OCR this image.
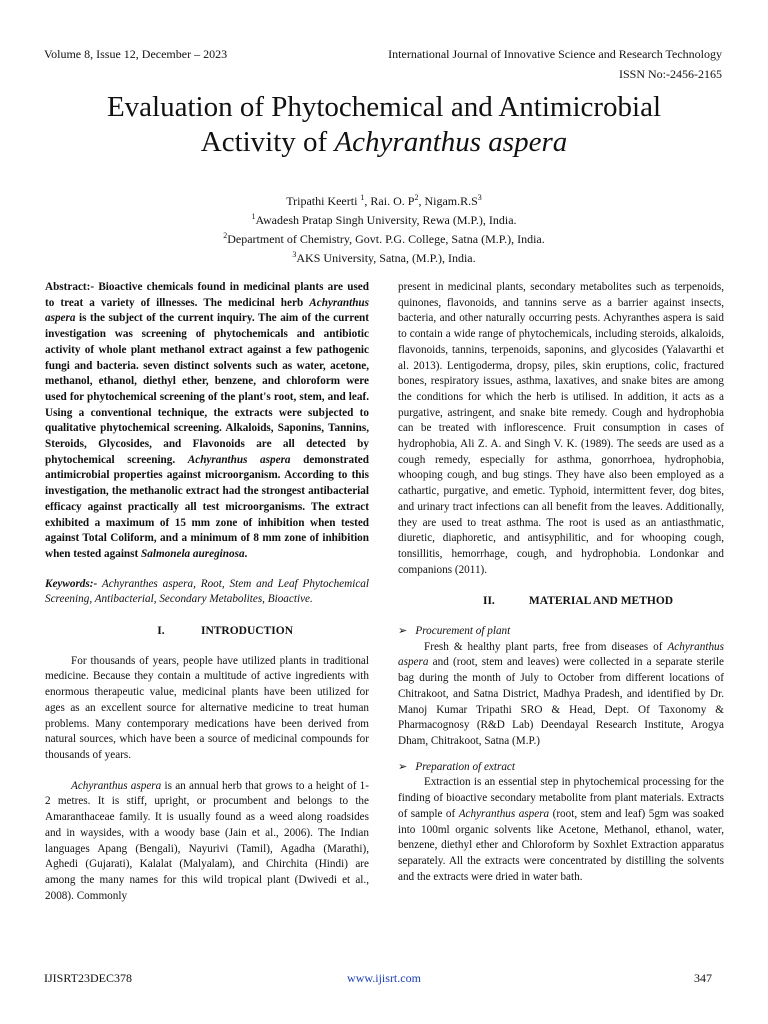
Volume 8, Issue 12, December – 2023	International Journal of Innovative Science and Research Technology
ISSN No:-2456-2165
Evaluation of Phytochemical and Antimicrobial
Activity of Achyranthus aspera
Tripathi Keerti $^1$, Rai. O. $P^2$, $Nigam.R.S^3$
$^1$Awadesh Pratap Singh University, Rewa (M.P.), India.
$^2$Department of Chemistry, Govt. P.G. College, Satna (M.P.), India.
$^3$AKS University, Satna, (M.P.), India.

Abstract:- Bioactive chemicals found in medicinal plants are used to treat a variety of illnesses. The medicinal herb Achyranthus aspera is the subject of the current inquiry. The aim of the current investigation was screening of phytochemicals and antibiotic activity of whole plant methanol extract against a few pathogenic fungi and bacteria. seven distinct solvents such as water, acetone, methanol, ethanol, diethyl ether, benzene, and chloroform were used for phytochemical screening of the plant's root, stem, and leaf. Using a conventional technique, the extracts were subjected to qualitative phytochemical screening. Alkaloids, Saponins, Tannins, Steroids, Glycosides, and Flavonoids are all detected by phytochemical screening. Achyranthus aspera demonstrated antimicrobial properties against microorganism. According to this investigation, the methanolic extract had the strongest antibacterial efficacy against practically all test microorganisms. The extract exhibited a maximum of 15 mm zone of inhibition when tested against Total Coliform, and a minimum of 8 mm zone of inhibition when tested against Salmonela aureginosa.

Keywords:- Achyranthes aspera, Root, Stem and Leaf Phytochemical Screening, Antibacterial, Secondary Metabolites, Bioactive.

I.	INTRODUCTION

For thousands of years, people have utilized plants in traditional medicine. Because they contain a multitude of active ingredients with enormous therapeutic value, medicinal plants have been utilized for ages as an excellent source for alternative medicine to treat human problems. Many contemporary medications have been derived from natural sources, which have been a source of medicinal compounds for thousands of years.

Achyranthus aspera is an annual herb that grows to a height of 1-2 metres. It is stiff, upright, or procumbent and belongs to the Amaranthaceae family. It is usually found as a weed along roadsides and in waysides, with a woody base (Jain et al., 2006). The Indian languages Apang (Bengali), Nayurivi (Tamil), Agadha (Marathi), Aghedi (Gujarati), Kalalat (Malyalam), and Chirchita (Hindi) are among the many names for this wild tropical plant (Dwivedi et al., 2008). Commonly

present in medicinal plants, secondary metabolites such as terpenoids, quinones, flavonoids, and tannins serve as a barrier against insects, bacteria, and other naturally occurring pests. Achyranthes aspera is said to contain a wide range of phytochemicals, including steroids, alkaloids, flavonoids, tannins, terpenoids, saponins, and glycosides (Yalavarthi et al. 2013). Lentigoderma, dropsy, piles, skin eruptions, colic, fractured bones, respiratory issues, asthma, laxatives, and snake bites are among the conditions for which the herb is utilised. In addition, it acts as a purgative, astringent, and snake bite remedy. Cough and hydrophobia can be treated with inflorescence. Fruit consumption in cases of hydrophobia, Ali Z. A. and Singh V. K. (1989). The seeds are used as a cough remedy, especially for asthma, gonorrhoea, hydrophobia, whooping cough, and bug stings. They have also been employed as a cathartic, purgative, and emetic. Typhoid, intermittent fever, dog bites, and urinary tract infections can all benefit from the leaves. Additionally, they are used to treat asthma. The root is used as an antiasthmatic, diuretic, diaphoretic, and antisyphilitic, and for whooping cough, tonsillitis, hemorrhage, cough, and hydrophobia. Londonkar and companions (2011).

II.	MATERIAL AND METHOD

➢ Procurement of plant

Fresh & healthy plant parts, free from diseases of Achyranthus aspera and (root, stem and leaves) were collected in a separate sterile bag during the month of July to October from different locations of Chitrakoot, and Satna District, Madhya Pradesh, and identified by Dr. Manoj Kumar Tripathi SRO & Head, Dept. Of Taxonomy & Pharmacognosy (R&D Lab) Deendayal Research Institute, Arogya Dham, Chitrakoot, Satna (M.P.)

➢ Preparation of extract

Extraction is an essential step in phytochemical processing for the finding of bioactive secondary metabolite from plant materials. Extracts of sample of Achyranthus aspera (root, stem and leaf) 5gm was soaked into 100ml organic solvents like Acetone, Methanol, ethanol, water, benzene, diethyl ether and Chloroform by Soxhlet Extraction apparatus separately. All the extracts were concentrated by distilling the solvents and the extracts were dried in water bath.

IJISRT23DEC378	www.ijisrt.com	347
